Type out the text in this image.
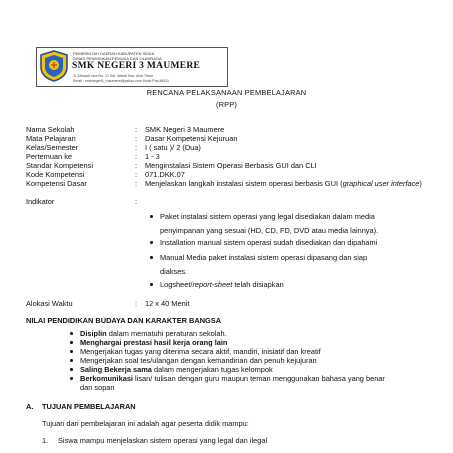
PEMERINTAH DAERAH KABUPATEN SIKKA
DINAS PENDIDIKAN PEMUDA DAN OLAHRAGA
SMK NEGERI 3 MAUMERE
Jl. Ahmadi Yani No. 17 Kel. Waioti Kec. Alok Timur
Email : smknegeri3_maumere@yahoo.com Kode Pos 86111
RENCANA PELAKSANAAN PEMBELAJARAN
(RPP)
Nama Sekolah	: SMK Negeri 3 Maumere
Mata Pelajaran	: Dasar Kompetensi Kejuruan
Kelas/Semester	: I ( satu )/ 2 (Dua)
Pertemuan ke	: 1 - 3
Standar Kompetensi	: Menginstalasi Sistem Operasi Berbasis GUI dan CLI
Kode Kompetensi	: 071.DKK.07
Kompetensi Dasar	: Menjelaskan langkah instalasi sistem operasi berbasis GUI (graphical user interface)
Indikator	:
Paket instalasi sistem operasi yang legal disediakan dalam media
penyimpanan yang sesuai (HD, CD, FD, DVD atau media lainnya).
Installation manual sistem operasi sudah disediakan dan dipahami
Manual Media paket instalasi sistem operasi dipasang dan siap
diakses.
Logsheet/report-sheet telah disiapkan
Alokasi Waktu	: 12 x 40 Menit
NILAI PENDIDIKAN BUDAYA DAN KARAKTER BANGSA
Disiplin dalam mematuhi peraturan sekolah.
Menghargai prestasi hasil kerja orang lain
Mengerjakan tugas yang diterima secara aktif, mandiri, inisiatif dan kreatif
Mengerjakan soal tes/ulangan dengan kemandirian dan penuh kejujuran
Saling Bekerja sama dalam mengerjakan tugas kelompok
Berkomunikasi lisan/ tulisan dengan guru maupun teman menggunakan bahasa yang benar
dan sopan
A. TUJUAN PEMBELAJARAN
Tujuan dari pembelajaran ini adalah agar peserta didik mampu:
1. Siswa mampu menjelaskan sistem operasi yang legal dan ilegal
